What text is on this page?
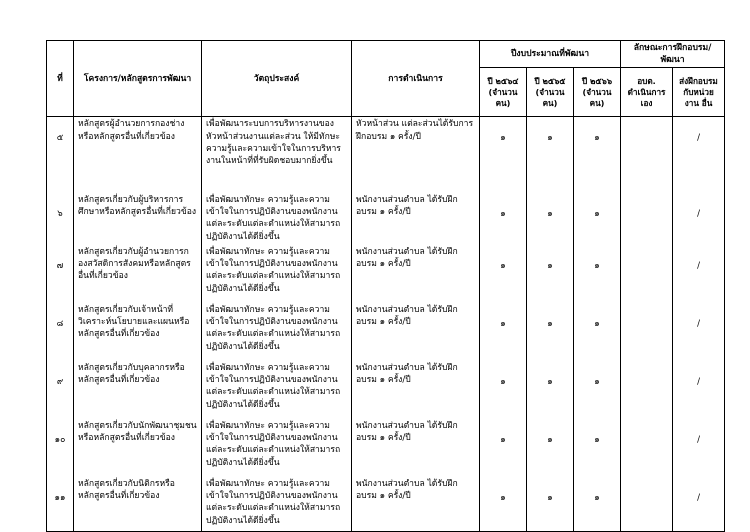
ที่	โครงการ/หลักสูตรการพัฒนา	วัตถุประสงค์	การดำเนินการ	ปีงบประมาณที่พัฒนา			ลักษณะการฝึกอบรม/พัฒนา	
				ปี ๒๕๖๔ (จำนวน คน)	ปี ๒๕๖๕ (จำนวน คน)	ปี ๒๕๖๖ (จำนวน คน)	อบต. ดำเนินการ เอง	ส่งฝึกอบรม กับหน่วยงาน อื่น
๕	หลักสูตรผู้อำนวยการกองช่างหรือหลักสูตรอื่นที่เกี่ยวข้อง	เพื่อพัฒนาระบบการบริหารงานของหัวหน้าส่วนงานแต่ละส่วน ให้มีทักษะ ความรู้และความเข้าใจในการบริหารงานในหน้าที่ที่รับผิดชอบมากยิ่งขึ้น	หัวหน้าส่วน แต่ละส่วนได้รับการฝึกอบรม ๑ ครั้ง/ปี	๑	๑	๑		/
๖	หลักสูตรเกี่ยวกับผู้บริหารการศึกษาหรือหลักสูตรอื่นที่เกี่ยวข้อง	เพื่อพัฒนาทักษะ ความรู้และความเข้าใจในการปฏิบัติงานของพนักงานแต่ละระดับแต่ละตำแหน่งให้สามารถปฏิบัติงานได้ดียิ่งขึ้น	พนักงานส่วนตำบล ได้รับฝึกอบรม ๑ ครั้ง/ปี	๑	๑	๑		/
๗	หลักสูตรเกี่ยวกับผู้อำนวยการกองสวัสดิการสังคมหรือหลักสูตรอื่นที่เกี่ยวข้อง	เพื่อพัฒนาทักษะ ความรู้และความเข้าใจในการปฏิบัติงานของพนักงานแต่ละระดับแต่ละตำแหน่งให้สามารถปฏิบัติงานได้ดียิ่งขึ้น	พนักงานส่วนตำบล ได้รับฝึกอบรม ๑ ครั้ง/ปี	๑	๑	๑		/
๘	หลักสูตรเกี่ยวกับเจ้าหน้าที่วิเคราะห์นโยบายและแผนหรือหลักสูตรอื่นที่เกี่ยวข้อง	เพื่อพัฒนาทักษะ ความรู้และความเข้าใจในการปฏิบัติงานของพนักงานแต่ละระดับแต่ละตำแหน่งให้สามารถปฏิบัติงานได้ดียิ่งขึ้น	พนักงานส่วนตำบล ได้รับฝึกอบรม ๑ ครั้ง/ปี	๑	๑	๑		/
๙	หลักสูตรเกี่ยวกับบุคลากรหรือหลักสูตรอื่นที่เกี่ยวข้อง	เพื่อพัฒนาทักษะ ความรู้และความเข้าใจในการปฏิบัติงานของพนักงานแต่ละระดับแต่ละตำแหน่งให้สามารถปฏิบัติงานได้ดียิ่งขึ้น	พนักงานส่วนตำบล ได้รับฝึกอบรม ๑ ครั้ง/ปี	๑	๑	๑		/
๑๐	หลักสูตรเกี่ยวกับนักพัฒนาชุมชนหรือหลักสูตรอื่นที่เกี่ยวข้อง	เพื่อพัฒนาทักษะ ความรู้และความเข้าใจในการปฏิบัติงานของพนักงานแต่ละระดับแต่ละตำแหน่งให้สามารถปฏิบัติงานได้ดียิ่งขึ้น	พนักงานส่วนตำบล ได้รับฝึกอบรม ๑ ครั้ง/ปี	๑	๑	๑		/
๑๑	หลักสูตรเกี่ยวกับนิติกรหรือหลักสูตรอื่นที่เกี่ยวข้อง	เพื่อพัฒนาทักษะ ความรู้และความเข้าใจในการปฏิบัติงานของพนักงานแต่ละระดับแต่ละตำแหน่งให้สามารถปฏิบัติงานได้ดียิ่งขึ้น	พนักงานส่วนตำบล ได้รับฝึกอบรม ๑ ครั้ง/ปี	๑	๑	๑		/
